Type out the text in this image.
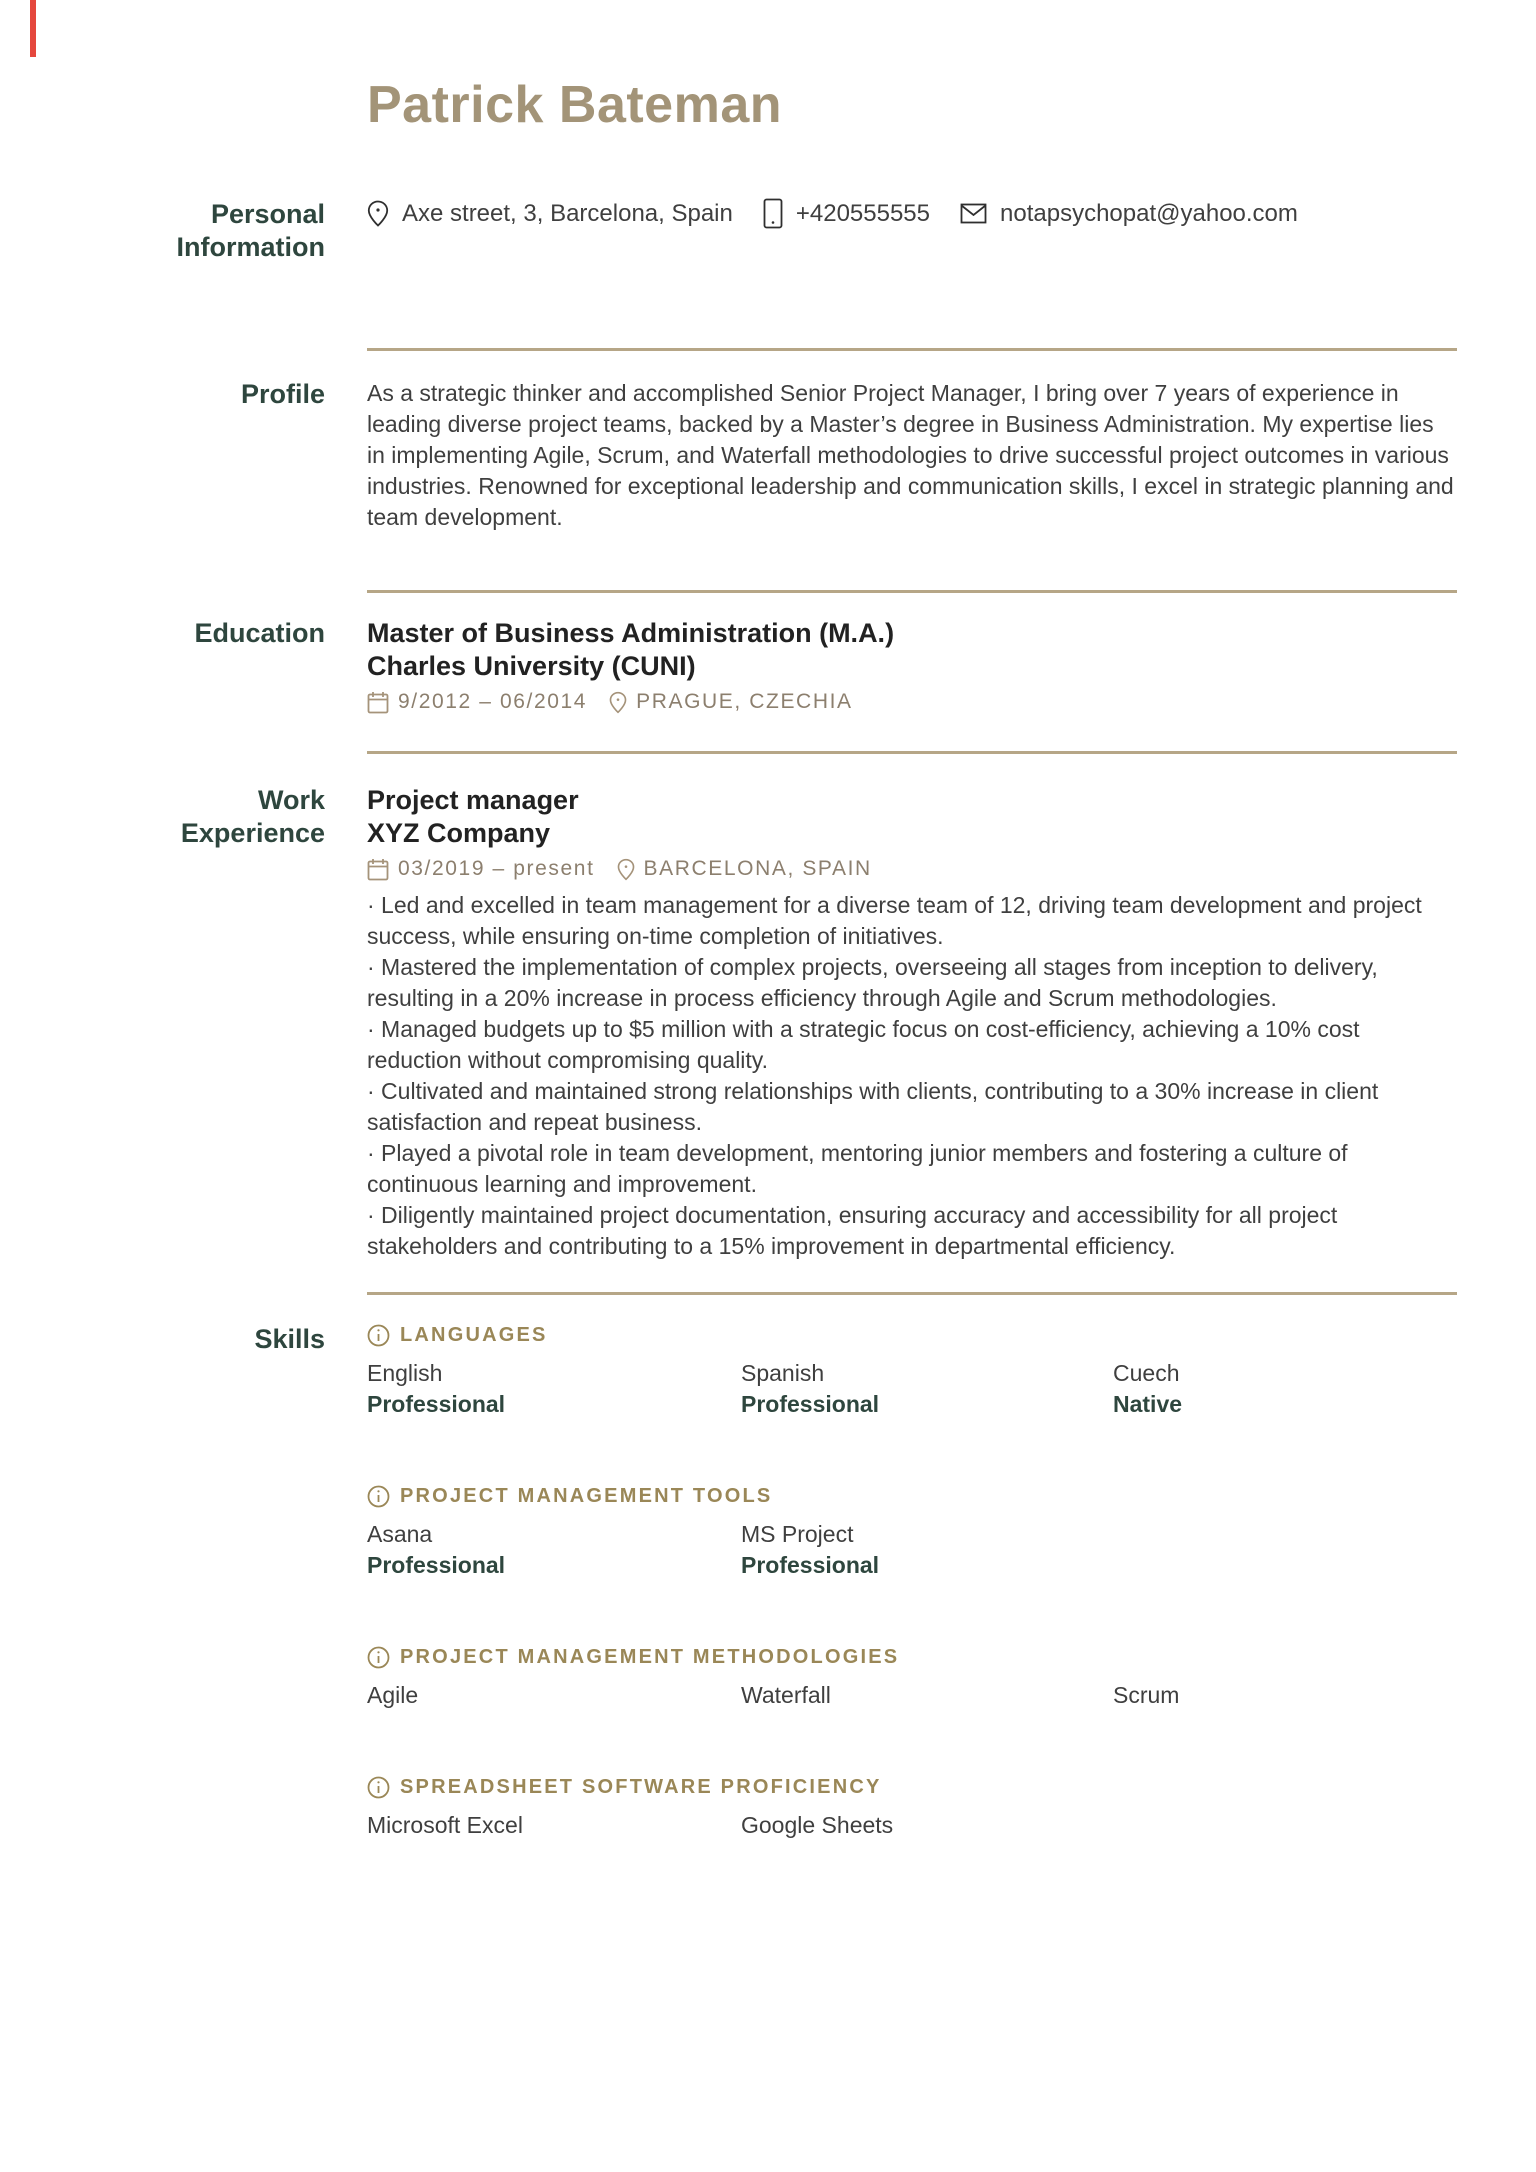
Patrick Bateman
Personal Information
Axe street, 3, Barcelona, Spain	+420555555	notapsychopat@yahoo.com
Profile As a strategic thinker and accomplished Senior Project Manager, I bring over 7 years of experience in leading diverse project teams, backed by a Master’s degree in Business Administration. My expertise lies in implementing Agile, Scrum, and Waterfall methodologies to drive successful project outcomes in various industries. Renowned for exceptional leadership and communication skills, I excel in strategic planning and team development.
Education Master of Business Administration (M.A.)
Charles University (CUNI)
9/2012 – 06/2014 PRAGUE, CZECHIA
Work Experience
Project manager
XYZ Company
03/2019 – present BARCELONA, SPAIN
· Led and excelled in team management for a diverse team of 12, driving team development and project success, while ensuring on-time completion of initiatives.
· Mastered the implementation of complex projects, overseeing all stages from inception to delivery, resulting in a 20% increase in process efficiency through Agile and Scrum methodologies.
· Managed budgets up to $5 million with a strategic focus on cost-efficiency, achieving a 10% cost reduction without compromising quality.
· Cultivated and maintained strong relationships with clients, contributing to a 30% increase in client satisfaction and repeat business.
· Played a pivotal role in team development, mentoring junior members and fostering a culture of continuous learning and improvement.
· Diligently maintained project documentation, ensuring accuracy and accessibility for all project stakeholders and contributing to a 15% improvement in departmental efficiency.
Skills	LANGUAGES
English
Professional
Spanish
Professional
Cuech
Native
PROJECT MANAGEMENT TOOLS
Asana
Professional
MS Project
Professional
PROJECT MANAGEMENT METHODOLOGIES
Agile	Waterfall	Scrum
SPREADSHEET SOFTWARE PROFICIENCY
Microsoft Excel	Google Sheets
